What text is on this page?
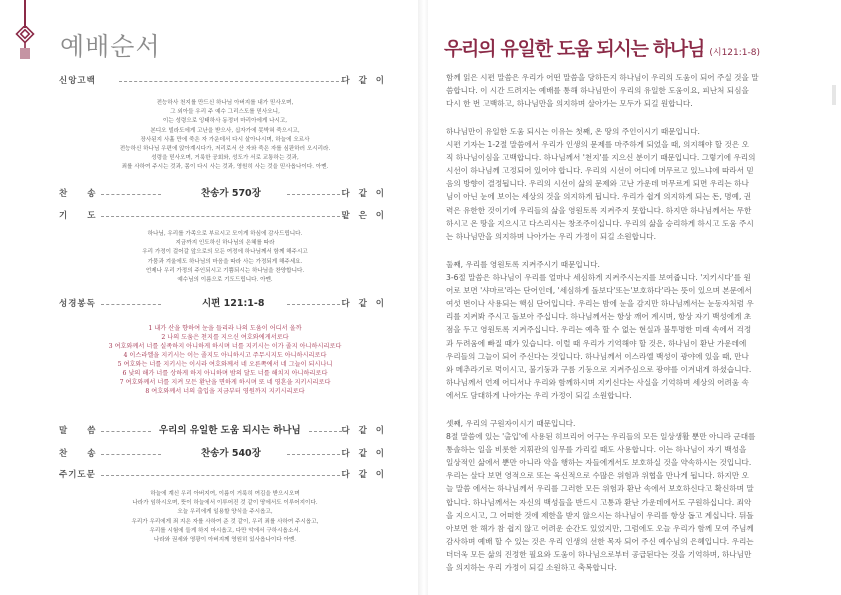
예배순서
신앙고백	다 같 이
전능하사 천지를 만드신 하나님 아버지를 내가 믿사오며,
그 외아들 우리 주 예수 그리스도를 믿사오니,
이는 성령으로 잉태하사 동정녀 마리아에게 나시고,
본디오 빌라도에게 고난을 받으사, 십자가에 못박혀 죽으시고,
장사된지 사흘 만에 죽은 자 가운데서 다시 살아나시며, 하늘에 오르사
전능하신 하나님 우편에 앉아계시다가, 저리로서 산 자와 죽은 자를 심판하러 오시리라.
성령을 믿사오며, 거룩한 공회와, 성도가 서로 교통하는 것과,
죄를 사하여 주시는 것과, 몸이 다시 사는 것과, 영원히 사는 것을 믿사옵나이다. 아멘.
찬　　송	찬송가 570장	다 같 이
기　　도	맡 은 이
하나님, 우리를 가족으로 부르시고 모이게 하심에 감사드립니다.
지금까지 인도하신 하나님의 은혜를 따라
우리 가정이 걸어갈 앞으로의 모든 여정에 하나님께서 함께 해주시고
가뭄과 겨울에도 하나님의 마음을 따라 사는 가정되게 해주세요.
언제나 우리 가정의 주인되시고 기쁨되시는 하나님을 찬양합니다.
예수님의 이름으로 기도드립니다. 아멘.
성경봉독	시편 121:1-8	다 같 이
1 내가 산을 향하여 눈을 들리라 나의 도움이 어디서 올까
2 나의 도움은 천지를 지으신 여호와에게서로다
3 여호와께서 너를 실족하지 아니하게 하시며 너를 지키시는 이가 졸지 아니하시리로다
4 이스라엘을 지키시는 이는 졸지도 아니하시고 주무시지도 아니하시리로다
5 여호와는 너를 지키시는 이시라 여호와께서 네 오른쪽에서 네 그늘이 되시나니
6 낮의 해가 너를 상하게 하지 아니하며 밤의 달도 너를 해치지 아니하리로다
7 여호와께서 너를 지켜 모든 환난을 면하게 하시며 또 네 영혼을 지키시리로다
8 여호와께서 너의 출입을 지금부터 영원까지 지키시리로다
말　　씀	우리의 유일한 도움 되시는 하나님	다 같 이
찬　　송	찬송가 540장	다 같 이
주기도문	다 같 이
하늘에 계신 우리 아버지여, 이름이 거룩히 여김을 받으시오며
나라가 임하시오며, 뜻이 하늘에서 이루어진 것 같이 땅에서도 이루어지이다.
오늘 우리에게 일용할 양식을 주시옵고,
우리가 우리에게 죄 지은 자를 사하여 준 것 같이, 우리 죄를 사하여 주시옵고,
우리를 시험에 들게 하지 마시옵고, 다만 악에서 구하시옵소서.
나라와 권세와 영광이 아버지께 영원히 있사옵나이다 아멘.
우리의 유일한 도움 되시는 하나님 (시121:1-8)
함께 읽은 시편 말씀은 우리가 어떤 말씀을 당하든지 하나님이 우리의 도움이 되어 주실 것을 말
씀합니다. 이 시간 드려지는 예배를 통해 하나님만이 우리의 유일한 도움이요, 피난처 되심을
다시 한 번 고백하고, 하나님만을 의지하며 살아가는 모두가 되길 원합니다.
하나님만이 유일한 도움 되시는 이유는 첫째, 온 땅의 주인이시기 때문입니다.
시편 기자는 1-2절 말씀에서 우리가 인생의 문제를 마주하게 되었을 때, 의지해야 할 것은 오
직 하나님이심을 고백합니다. 하나님께서 '천지'를 지으신 분이기 때문입니다. 그렇기에 우리의
시선이 하나님께 고정되어 있어야 합니다. 우리의 시선이 어디에 머무르고 있느냐에 따라서 믿
음의 방향이 결정됩니다. 우리의 시선이 삶의 문제와 고난 가운데 머무르게 되면 우리는 하나
님이 아닌 눈에 보이는 세상의 것을 의지하게 됩니다. 우리가 쉽게 의지하게 되는 돈, 명예, 권
력은 유한한 것이기에 우리들의 삶을 영원토록 지켜주지 못합니다. 하지만 하나님께서는 무한
하시고 온 땅을 지으시고 다스리시는 창조주이십니다. 우리의 삶을 승리하게 하시고 도움 주시
는 하나님만을 의지하며 나아가는 우리 가정이 되길 소원합니다.
둘째, 우리를 영원토록 지켜주시기 때문입니다.
3-6절 말씀은 하나님이 우리를 얼마나 세심하게 지켜주시는지를 보여줍니다. '지키시다'를 원
어로 보면 '샤마르'라는 단어인데, '세심하게 돌보다'또는'보호하다'라는 뜻이 있으며 본문에서
여섯 번이나 사용되는 핵심 단어입니다. 우리는 밤에 눈을 감지만 하나님께서는 눈동자처럼 우
리를 지켜봐 주시고 돌보아 주십니다. 하나님께서는 항상 깨어 계시며, 항상 자기 백성에게 초
점을 두고 영원토록 지켜주십니다. 우리는 예측 할 수 없는 현실과 불투명한 미래 속에서 걱정
과 두려움에 빠질 때가 있습니다. 이럴 때 우리가 기억해야 할 것은, 하나님이 환난 가운데에
우리들의 그늘이 되어 주신다는 것입니다. 하나님께서 이스라엘 백성이 광야에 있을 때, 만나
와 메추라기로 먹이시고, 불기둥과 구름 기둥으로 지켜주심으로 광야를 이겨내게 하셨습니다.
하나님께서 언제 어디서나 우리와 함께하시며 지키신다는 사실을 기억하며 세상의 어려움 속
에서도 담대하게 나아가는 우리 가정이 되길 소원합니다.
셋째, 우리의 구원자이시기 때문입니다.
8절 말씀에 있는 '출입'에 사용된 히브리어 어구는 우리들의 모든 일상생활 뿐만 아니라 군대를
통솔하는 일을 비롯한 지휘관의 임무를 가리킬 때도 사용합니다. 이는 하나님이 자기 백성을
일상적인 삶에서 뿐만 아니라 악을 행하는 자들에게서도 보호하실 것을 약속하시는 것입니다.
우리는 살다 보면 영적으로 또는 육신적으로 수많은 위험과 위협을 만나게 됩니다. 하지만 오
늘 말씀 에서는 하나님께서 우리를 그러한 모든 위험과 환난 속에서 보호하신다고 확신하며 말
합니다. 하나님께서는 자신의 백성들을 반드시 고통과 환난 가운데에서도 구원하십니다. 죄악
을 지으시고, 그 어떠한 것에 제한을 받지 않으시는 하나님이 우리를 항상 돕고 계십니다. 뒤돌
아보면 한 해가 참 쉽지 않고 어려운 순간도 있었지만, 그럼에도 오늘 우리가 함께 모여 주님께
감사하며 예배 할 수 있는 것은 우리 인생의 선한 목자 되어 주신 예수님의 은혜입니다. 우리는
더더욱 모든 삶의 진정한 필요와 도움이 하나님으로부터 공급된다는 것을 기억하며, 하나님만
을 의지하는 우리 가정이 되길 소원하고 축복합니다.
